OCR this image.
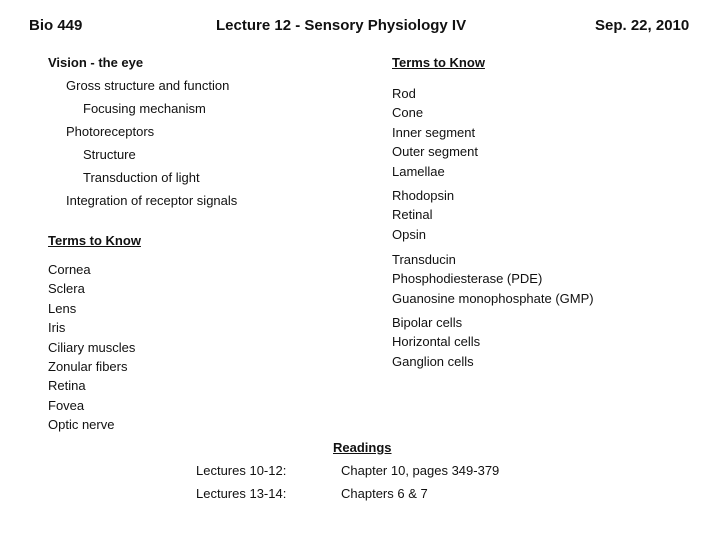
Bio 449	Lecture 12 - Sensory Physiology IV	Sep. 22, 2010
Vision - the eye
Gross structure and function
Focusing mechanism
Photoreceptors
Structure
Transduction of light
Integration of receptor signals
Terms to Know
Cornea
Sclera
Lens
Iris
Ciliary muscles
Zonular fibers
Retina
Fovea
Optic nerve
Terms to Know
Rod
Cone
Inner segment
Outer segment
Lamellae
Rhodopsin
Retinal
Opsin
Transducin
Phosphodiesterase (PDE)
Guanosine monophosphate (GMP)
Bipolar cells
Horizontal cells
Ganglion cells
Readings
Lectures 10-12:	Chapter 10, pages 349-379
Lectures 13-14:	Chapters 6 & 7
